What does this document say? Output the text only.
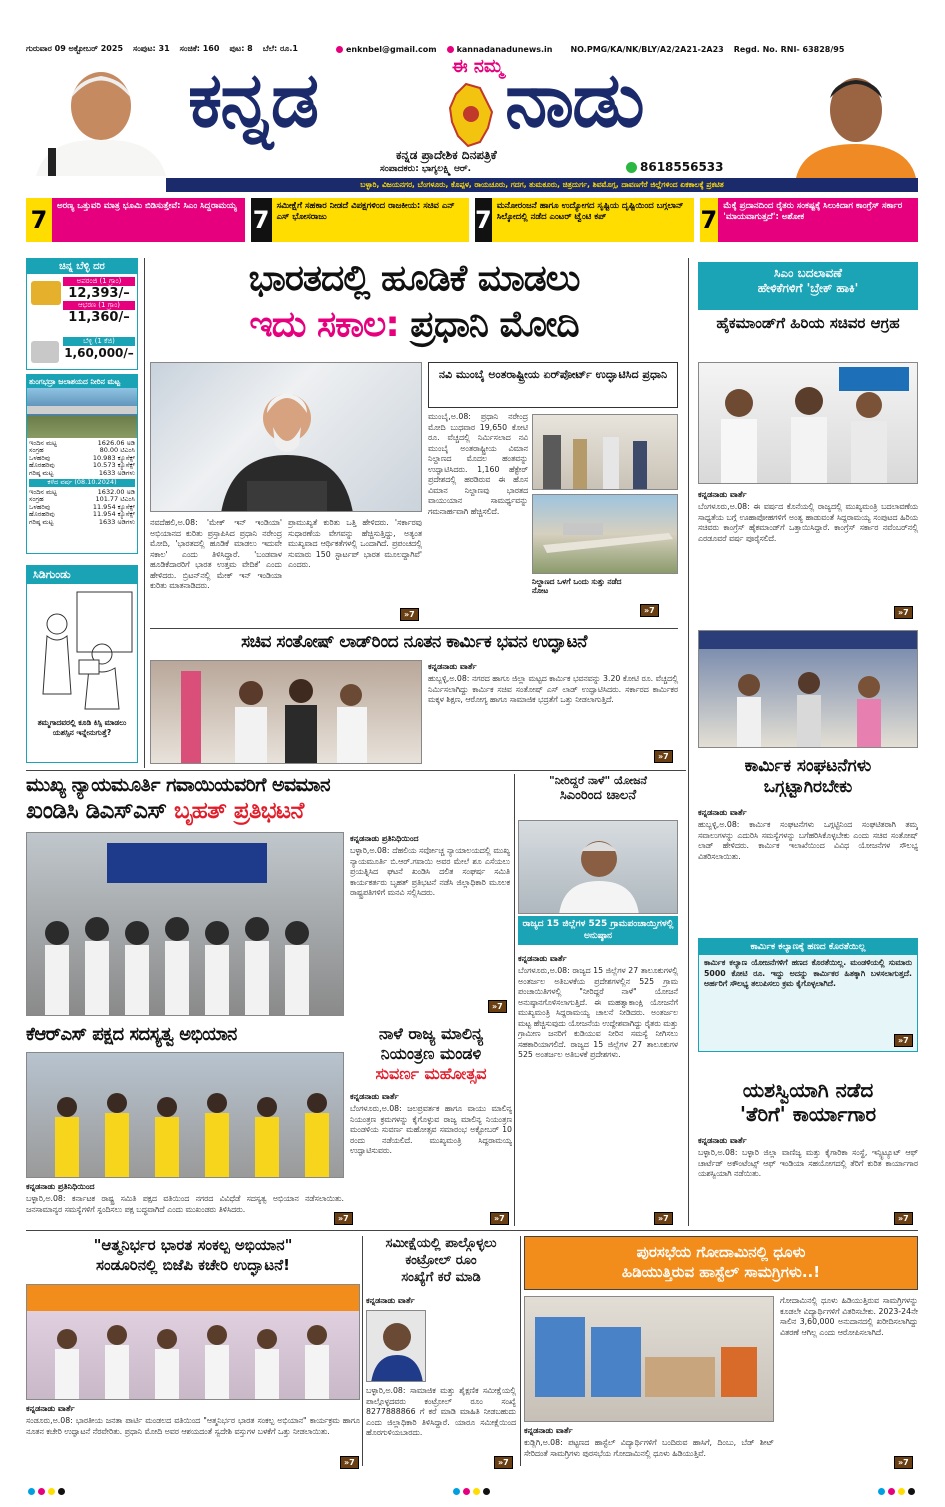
ಗುರುವಾರ 09 ಅಕ್ಟೋಬರ್ 2025 ಸಂಪುಟ: 31 ಸಂಚಿಕೆ: 160 ಪುಟ: 8 ಬೆಲೆ: ರೂ.1	enknbel@gmail.com	kannadanadunews.in NO.PMG/KA/NK/BLY/A2/2A21-2A23 Regd. No. RNI- 63828/95
ಕನ್ನಡ	ಈ ನಮ್ಮ ನಾಡು
ಕನ್ನಡ ಪ್ರಾದೇಶಿಕ ದಿನಪತ್ರಿಕೆ
ಸಂಪಾದಕರು: ಭಾಗ್ಯಲಕ್ಷ್ಮಿ ಆರ್.	8618556533
ಬಳ್ಳಾರಿ, ವಿಜಯನಗರ, ಬೆಂಗಳೂರು, ಕೊಪ್ಪಳ, ರಾಯಚೂರು, ಗದಗ, ತುಮಕೂರು, ಚಿತ್ರದುರ್ಗ, ಶಿವಮೊಗ್ಗ, ದಾವಣಗೆರೆ ಜಿಲ್ಲೆಗಳಿಂದ ಏಕಕಾಲಕ್ಕೆ ಪ್ರಕಟಿತ
7	ಅರಣ್ಯ ಒತ್ತುವರಿ ಮಾತ್ರ ಭೂಮಿ ಬಿಡಿಸುತ್ತೇವೆ: ಸಿಎಂ ಸಿದ್ದರಾಮಯ್ಯ 7 ಸಮೀಕ್ಷೆಗೆ ಸಹಕಾರ ನೀಡದೆ ವಿಪಕ್ಷಗಳಿಂದ ರಾಜಕೀಯ: ಸಚಿವ ಎನ್ ಎಸ್ ಭೋಸರಾಜು	7 ಮನೋರಂಜನೆ ಹಾಗೂ ಉದ್ಯೋಗದ ಸೃಷ್ಟಿಯ ದೃಷ್ಟಿಯಿಂದ ಬಗ್ಗಲಾನ್ ಸಿಲ್ಕೋದಲ್ಲಿ ನಡೆದ ಎಂಟರ್‌ ಟ್ವೆಂಟಿ ಕಪ್	7 ಮೆಕ್ಕೆ ಪ್ರದಾನದಿಂದ ರೈತರು ಸಂಕಷ್ಟಕ್ಕೆ ಸಿಲುಕಿದಾಗ ಕಾಂಗ್ರೆಸ್ ಸರ್ಕಾರ 'ಮಾಯವಾಗುತ್ತದೆ': ಅಶೋಕ
ಚಿನ್ನ ಬೆಳ್ಳಿ ದರ
ಅಪರಂಜಿ (1 ಗ್ರಾಂ)
12,393/–
ಆಭರಣ (1 ಗ್ರಾಂ)
11,360/–
ಬೆಳ್ಳಿ (1 ಕೆಜಿ)
1,60,000/–
ತುಂಗಭದ್ರಾ ಜಲಾಶಯದ ನೀರಿನ ಮಟ್ಟ
ಇಂದಿನ ಮಟ್ಟ	1626.06 ಅಡಿ
ಸಂಗ್ರಹ	80.00 ಟಿಎಂಸಿ
ಒಳಹರಿವು	10.983 ಕ್ಯೂಸೆಕ್ಸ್
ಹೊರಹರಿವು	10.573 ಕ್ಯೂಸೆಕ್ಸ್
ಗರಿಷ್ಠ ಮಟ್ಟ	1633 ಅಡಿಗಳು
ಕಳೆದ ವರ್ಷ (08.10.2024)
ಇಂದಿನ ಮಟ್ಟ	1632.00 ಅಡಿ
ಸಂಗ್ರಹ	101.77 ಟಿಎಂಸಿ
ಒಳಹರಿವು	11.954 ಕ್ಯೂಸೆಕ್ಸ್
ಹೊರಹರಿವು	11.954 ಕ್ಯೂಸೆಕ್ಸ್
ಗರಿಷ್ಠ ಮಟ್ಟ	1633 ಅಡಿಗಳು
ಸಿಡಿಗುಂಡು
ತಮ್ಮಗಾದವರಲ್ಲಿ ಕೂಡಿ ಕಿಸ್ಸಿ ಮಾಡಲು ಯಶಸ್ಸಿನ ಇನ್ನೇನುಗುತ್ತೆ?
ಭಾರತದಲ್ಲಿ ಹೂಡಿಕೆ ಮಾಡಲು
ಇದು ಸಕಾಲ: ಪ್ರಧಾನಿ ಮೋದಿ
ನವಿ ಮುಂಬೈ ಅಂತರಾಷ್ಟ್ರೀಯ ಏರ್‌ಪೋರ್ಟ್ ಉದ್ಘಾಟಿಸಿದ ಪ್ರಧಾನಿ
ಮುಂಬೈ,ಅ.08: ಪ್ರಧಾನಿ ನರೇಂದ್ರ ಮೋದಿ ಬುಧವಾರ 19,650 ಕೋಟಿ ರೂ. ವೆಚ್ಚದಲ್ಲಿ ನಿರ್ಮಿಸಲಾದ ನವಿ ಮುಂಬೈ ಅಂತರಾಷ್ಟ್ರೀಯ ವಿಮಾನ ನಿಲ್ದಾಣದ ಮೊದಲ ಹಂತವನ್ನು ಉದ್ಘಾಟಿಸಿದರು. 1,160 ಹೆಕ್ಟೇರ್ ಪ್ರದೇಶದಲ್ಲಿ ಹರಡಿರುವ ಈ ಹೊಸ ವಿಮಾನ ನಿಲ್ದಾಣವು ಭಾರತದ ವಾಯುಯಾನ ಸಾಮರ್ಥ್ಯವನ್ನು ಗಮನಾರ್ಹವಾಗಿ ಹೆಚ್ಚಿಸಲಿದೆ.
ನಿಲ್ದಾಣದ ಒಳಗೆ ಒಂದು ಸುತ್ತು ನಡೆದ ನೋಟ
»7
ನವದೆಹಲಿ,ಅ.08: 'ಮೇಕ್ ಇನ್ ಇಂಡಿಯಾ' ಅಭಿಯಾನದ ಕುರಿತು ಪ್ರಸ್ತಾಪಿಸಿದ ಪ್ರಧಾನಿ ನರೇಂದ್ರ ಮೋದಿ, 'ಭಾರತದಲ್ಲಿ ಹೂಡಿಕೆ ಮಾಡಲು ಇದುವೇ ಸಕಾಲ' ಎಂದು ತಿಳಿಸಿದ್ದಾರೆ. 'ಬಂಡವಾಳ ಹೂಡಿಕೆದಾರರಿಗೆ ಭಾರತ ಉತ್ತಮ ವೇದಿಕೆ' ಎಂದು ಹೇಳಿದರು. ಬ್ರಿಟನ್‌ನಲ್ಲಿ ಮೇಕ್ ಇನ್ ಇಂಡಿಯಾ ಕುರಿತು ಮಾತನಾಡಿದರು.
ಪ್ರಾಮುಖ್ಯತೆ ಕುರಿತು ಒತ್ತಿ ಹೇಳಿದರು. 'ಸರ್ಕಾರವು ಸುಧಾರಣೆಯ ವೇಗವನ್ನು ಹೆಚ್ಚಿಸುತ್ತಿದ್ದು, ಅತ್ಯಂತ ಮುಖ್ಯವಾದ ಆರ್ಥಿಕತೆಗಳಲ್ಲಿ ಒಂದಾಗಿದೆ. ಪ್ರಪಂಚದಲ್ಲಿ ಸುಮಾರು 150 ಸ್ಟಾರ್ಟಪ್ ಭಾರತ ಮೂಲದ್ದಾಗಿವೆ' ಎಂದರು.
»7
ಸಿಎಂ ಬದಲಾವಣೆ
ಹೇಳಿಕೆಗಳಿಗೆ 'ಬ್ರೇಕ್ ಹಾಕಿ'
ಹೈಕಮಾಂಡ್‌ಗೆ ಹಿರಿಯ ಸಚಿವರ ಆಗ್ರಹ
ಕನ್ನಡನಾಡು ವಾರ್ತೆ
ಬೆಂಗಳೂರು,ಅ.08: ಈ ವರ್ಷದ ಕೊನೆಯಲ್ಲಿ ರಾಜ್ಯದಲ್ಲಿ ಮುಖ್ಯಮಂತ್ರಿ ಬದಲಾವಣೆಯ ಸಾಧ್ಯತೆಯ ಬಗ್ಗೆ ಊಹಾಪೋಹಗಳಿಗೆ ಅಂತ್ಯ ಹಾಡುವಂತೆ ಸಿದ್ದರಾಮಯ್ಯ ಸಂಪುಟದ ಹಿರಿಯ ಸಚಿವರು ಕಾಂಗ್ರೆಸ್ ಹೈಕಮಾಂಡ್‌ಗೆ ಒತ್ತಾಯಿಸಿದ್ದಾರೆ. ಕಾಂಗ್ರೆಸ್ ಸರ್ಕಾರ ನವೆಂಬರ್‌ನಲ್ಲಿ ಎರಡೂವರೆ ವರ್ಷ ಪೂರೈಸಲಿದೆ.
»7
ಸಚಿವ ಸಂತೋಷ್ ಲಾಡ್‌ರಿಂದ ನೂತನ ಕಾರ್ಮಿಕ ಭವನ ಉದ್ಘಾಟನೆ
ಕನ್ನಡನಾಡು ವಾರ್ತೆ
ಹುಬ್ಬಳ್ಳಿ,ಅ.08: ನಗರದ ಹಾಗೂ ಜಿಲ್ಲಾ ಮಟ್ಟದ ಕಾರ್ಮಿಕ ಭವನವನ್ನು 3.20 ಕೋಟಿ ರೂ. ವೆಚ್ಚದಲ್ಲಿ ನಿರ್ಮಿಸಲಾಗಿದ್ದು ಕಾರ್ಮಿಕ ಸಚಿವ ಸಂತೋಷ್ ಎಸ್ ಲಾಡ್ ಉದ್ಘಾಟಿಸಿದರು. ಸರ್ಕಾರದ ಕಾರ್ಮಿಕರ ಮಕ್ಕಳ ಶಿಕ್ಷಣ, ಆರೋಗ್ಯ ಹಾಗೂ ಸಾಮಾಜಿಕ ಭದ್ರತೆಗೆ ಒತ್ತು ನೀಡಲಾಗುತ್ತಿದೆ.
»7	ಕಾರ್ಮಿಕ ಸಂಘಟನೆಗಳು
ಒಗ್ಗಟ್ಟಾಗಿರಬೇಕು
ಕನ್ನಡನಾಡು ವಾರ್ತೆ
ಹುಬ್ಬಳ್ಳಿ,ಅ.08: ಕಾರ್ಮಿಕ ಸಂಘಟನೆಗಳು ಒಗ್ಗಟ್ಟಿನಿಂದ ಸಂಘಟಿತರಾಗಿ ತಮ್ಮ ಸವಾಲುಗಳನ್ನು ಎದುರಿಸಿ ಸಮಸ್ಯೆಗಳನ್ನು ಬಗೆಹರಿಸಿಕೊಳ್ಳಬೇಕು ಎಂದು ಸಚಿವ ಸಂತೋಷ್ ಲಾಡ್ ಹೇಳಿದರು. ಕಾರ್ಮಿಕ ಇಲಾಖೆಯಿಂದ ವಿವಿಧ ಯೋಜನೆಗಳ ಸೌಲಭ್ಯ ವಿತರಿಸಲಾಯಿತು.
ಕಾರ್ಮಿಕ ಕಲ್ಯಾಣಕ್ಕೆ ಹಣದ ಕೊರತೆಯಿಲ್ಲ
ಕಾರ್ಮಿಕ ಕಲ್ಯಾಣ ಯೋಜನೆಗಳಿಗೆ ಹಣದ ಕೊರತೆಯಿಲ್ಲ. ಮಂಡಳಿಯಲ್ಲಿ ಸುಮಾರು 5000 ಕೋಟಿ ರೂ. ಇದ್ದು ಅದನ್ನು ಕಾರ್ಮಿಕರ ಹಿತಕ್ಕಾಗಿ ಬಳಸಲಾಗುತ್ತದೆ. ಅರ್ಹರಿಗೆ ಸೌಲಭ್ಯ ತಲುಪಿಸಲು ಕ್ರಮ ಕೈಗೊಳ್ಳಲಾಗಿದೆ.
»7
ಮುಖ್ಯ ನ್ಯಾಯಮೂರ್ತಿ ಗವಾಯಿಯವರಿಗೆ ಅವಮಾನ
ಖಂಡಿಸಿ ಡಿಎಸ್‌ಎಸ್ ಬೃಹತ್ ಪ್ರತಿಭಟನೆ
ಕನ್ನಡನಾಡು ಪ್ರತಿನಿಧಿಯಿಂದ
ಬಳ್ಳಾರಿ,ಅ.08: ದೆಹಲಿಯ ಸರ್ವೋಚ್ಚ ನ್ಯಾಯಾಲಯದಲ್ಲಿ ಮುಖ್ಯ ನ್ಯಾಯಮೂರ್ತಿ ಬಿ.ಆರ್.ಗವಾಯಿ ಅವರ ಮೇಲೆ ಶೂ ಎಸೆಯಲು ಪ್ರಯತ್ನಿಸಿದ ಘಟನೆ ಖಂಡಿಸಿ ದಲಿತ ಸಂಘರ್ಷ ಸಮಿತಿ ಕಾರ್ಯಕರ್ತರು ಬೃಹತ್ ಪ್ರತಿಭಟನೆ ನಡೆಸಿ ಜಿಲ್ಲಾಧಿಕಾರಿ ಮೂಲಕ ರಾಷ್ಟ್ರಪತಿಗಳಿಗೆ ಮನವಿ ಸಲ್ಲಿಸಿದರು.
»7
"ನೀರಿದ್ದರೆ ನಾಳೆ" ಯೋಜನೆ
ಸಿಎಂರಿಂದ ಚಾಲನೆ
ರಾಜ್ಯದ 15 ಜಿಲ್ಲೆಗಳ 525 ಗ್ರಾಮಪಂಚಾಯ್ತಿಗಳಲ್ಲಿ ಅನುಷ್ಠಾನ
ಕನ್ನಡನಾಡು ವಾರ್ತೆ
ಬೆಂಗಳೂರು,ಅ.08: ರಾಜ್ಯದ 15 ಜಿಲ್ಲೆಗಳ 27 ತಾಲೂಕುಗಳಲ್ಲಿ ಅಂತರ್ಜಲ ಅತಿಬಳಕೆಯ ಪ್ರದೇಶಗಳಲ್ಲಿನ 525 ಗ್ರಾಮ ಪಂಚಾಯಿತಿಗಳಲ್ಲಿ "ನೀರಿದ್ದರೆ ನಾಳೆ" ಯೋಜನೆ ಅನುಷ್ಠಾನಗೊಳಿಸಲಾಗುತ್ತಿದೆ. ಈ ಮಹತ್ವಾಕಾಂಕ್ಷಿ ಯೋಜನೆಗೆ ಮುಖ್ಯಮಂತ್ರಿ ಸಿದ್ದರಾಮಯ್ಯ ಚಾಲನೆ ನೀಡಿದರು. ಅಂತರ್ಜಲ ಮಟ್ಟ ಹೆಚ್ಚಿಸುವುದು ಯೋಜನೆಯ ಉದ್ದೇಶವಾಗಿದ್ದು ರೈತರು ಮತ್ತು ಗ್ರಾಮೀಣ ಜನರಿಗೆ ಕುಡಿಯುವ ನೀರಿನ ಸಮಸ್ಯೆ ನೀಗಿಸಲು ಸಹಕಾರಿಯಾಗಲಿದೆ. ರಾಜ್ಯದ 15 ಜಿಲ್ಲೆಗಳ 27 ತಾಲೂಕುಗಳ 525 ಅಂತರ್ಜಲ ಅತಿಬಳಕೆ ಪ್ರದೇಶಗಳು.
»7
ಕೆಆರ್‌ಎಸ್ ಪಕ್ಷದ ಸದಸ್ಯತ್ವ ಅಭಿಯಾನ
ಕನ್ನಡನಾಡು ಪ್ರತಿನಿಧಿಯಿಂದ
ಬಳ್ಳಾರಿ,ಅ.08: ಕರ್ನಾಟಕ ರಾಷ್ಟ್ರ ಸಮಿತಿ ಪಕ್ಷದ ವತಿಯಿಂದ ನಗರದ ವಿವಿಧೆಡೆ ಸದಸ್ಯತ್ವ ಅಭಿಯಾನ ನಡೆಸಲಾಯಿತು. ಜನಸಾಮಾನ್ಯರ ಸಮಸ್ಯೆಗಳಿಗೆ ಸ್ಪಂದಿಸಲು ಪಕ್ಷ ಬದ್ಧವಾಗಿದೆ ಎಂದು ಮುಖಂಡರು ತಿಳಿಸಿದರು.
»7
ನಾಳೆ ರಾಜ್ಯ ಮಾಲಿನ್ಯ
ನಿಯಂತ್ರಣ ಮಂಡಳಿ
ಸುವರ್ಣ ಮಹೋತ್ಸವ
ಕನ್ನಡನಾಡು ವಾರ್ತೆ
ಬೆಂಗಳೂರು,ಅ.08: ಜಲಪ್ರವರ್ತಕ ಹಾಗೂ ವಾಯು ಮಾಲಿನ್ಯ ನಿಯಂತ್ರಣ ಕ್ರಮಗಳನ್ನು ಕೈಗೊಳ್ಳುವ ರಾಜ್ಯ ಮಾಲಿನ್ಯ ನಿಯಂತ್ರಣ ಮಂಡಳಿಯ ಸುವರ್ಣ ಮಹೋತ್ಸವ ಸಮಾರಂಭ ಅಕ್ಟೋಬರ್ 10 ರಂದು ನಡೆಯಲಿದೆ. ಮುಖ್ಯಮಂತ್ರಿ ಸಿದ್ದರಾಮಯ್ಯ ಉದ್ಘಾಟಿಸುವರು.
»7
ಯಶಸ್ವಿಯಾಗಿ ನಡೆದ
'ತೆರಿಗೆ' ಕಾರ್ಯಾಗಾರ
ಕನ್ನಡನಾಡು ವಾರ್ತೆ
ಬಳ್ಳಾರಿ,ಅ.08: ಬಳ್ಳಾರಿ ಜಿಲ್ಲಾ ವಾಣಿಜ್ಯ ಮತ್ತು ಕೈಗಾರಿಕಾ ಸಂಸ್ಥೆ, ಇನ್ಸ್ಟಿಟ್ಯೂಟ್ ಆಫ್ ಚಾರ್ಟೆಡ್ ಅಕೌಂಟೆಂಟ್ಸ್ ಆಫ್ ಇಂಡಿಯಾ ಸಹಯೋಗದಲ್ಲಿ ತೆರಿಗೆ ಕುರಿತ ಕಾರ್ಯಾಗಾರ ಯಶಸ್ವಿಯಾಗಿ ನಡೆಯಿತು.
»7
"ಆತ್ಮನಿರ್ಭರ ಭಾರತ ಸಂಕಲ್ಪ ಅಭಿಯಾನ"
ಸಂಡೂರಿನಲ್ಲಿ ಬಿಜೆಪಿ ಕಚೇರಿ ಉದ್ಘಾಟನೆ!
ಕನ್ನಡನಾಡು ವಾರ್ತೆ
ಸಂಡೂರು,ಅ.08: ಭಾರತೀಯ ಜನತಾ ಪಾರ್ಟಿ ಮಂಡಲದ ವತಿಯಿಂದ "ಆತ್ಮನಿರ್ಭರ ಭಾರತ ಸಂಕಲ್ಪ ಅಭಿಯಾನ" ಕಾರ್ಯಕ್ರಮ ಹಾಗೂ ನೂತನ ಕಚೇರಿ ಉದ್ಘಾಟನೆ ನೆರವೇರಿತು. ಪ್ರಧಾನಿ ಮೋದಿ ಅವರ ಆಶಯದಂತೆ ಸ್ವದೇಶಿ ವಸ್ತುಗಳ ಬಳಕೆಗೆ ಒತ್ತು ನೀಡಲಾಯಿತು.
»7
ಸಮೀಕ್ಷೆಯಲ್ಲಿ ಪಾಲ್ಗೊಳ್ಳಲು
ಕಂಟ್ರೋಲ್ ರೂಂ
ಸಂಖ್ಯೆಗೆ ಕರೆ ಮಾಡಿ
ಕನ್ನಡನಾಡು ವಾರ್ತೆ
ಬಳ್ಳಾರಿ,ಅ.08: ಸಾಮಾಜಿಕ ಮತ್ತು ಶೈಕ್ಷಣಿಕ ಸಮೀಕ್ಷೆಯಲ್ಲಿ ಪಾಲ್ಗೊಳ್ಳದವರು ಕಂಟ್ರೋಲ್ ರೂಂ ಸಂಖ್ಯೆ 8277888866 ಗೆ ಕರೆ ಮಾಡಿ ಮಾಹಿತಿ ನೀಡಬಹುದು ಎಂದು ಜಿಲ್ಲಾಧಿಕಾರಿ ತಿಳಿಸಿದ್ದಾರೆ. ಯಾರೂ ಸಮೀಕ್ಷೆಯಿಂದ ಹೊರಗುಳಿಯಬಾರದು.
»7
ಪುರಸಭೆಯ ಗೋದಾಮಿನಲ್ಲಿ ಧೂಳು
ಹಿಡಿಯುತ್ತಿರುವ ಹಾಸ್ಟೆಲ್ ಸಾಮಗ್ರಿಗಳು..!
ಗೋದಾಮಿನಲ್ಲಿ ಧೂಳು ಹಿಡಿಯುತ್ತಿರುವ ಸಾಮಗ್ರಿಗಳನ್ನು ಕೂಡಲೇ ವಿದ್ಯಾರ್ಥಿಗಳಿಗೆ ವಿತರಿಸಬೇಕು. 2023-24ನೇ ಸಾಲಿನ 3,60,000 ಅನುದಾನದಲ್ಲಿ ಖರೀದಿಸಲಾಗಿದ್ದು ವಿತರಣೆ ಆಗಿಲ್ಲ ಎಂದು ಆರೋಪಿಸಲಾಗಿದೆ.
ಕನ್ನಡನಾಡು ವಾರ್ತೆ
ಕುಡ್ಲಿಗಿ,ಅ.08: ಪಟ್ಟಣದ ಹಾಸ್ಟೆಲ್ ವಿದ್ಯಾರ್ಥಿಗಳಿಗೆ ಬಂದಿರುವ ಹಾಸಿಗೆ, ದಿಂಬು, ಬೆಡ್ ಶೀಟ್ ಸೇರಿದಂತೆ ಸಾಮಗ್ರಿಗಳು ಪುರಸಭೆಯ ಗೋದಾಮಿನಲ್ಲಿ ಧೂಳು ಹಿಡಿಯುತ್ತಿವೆ.
»7
